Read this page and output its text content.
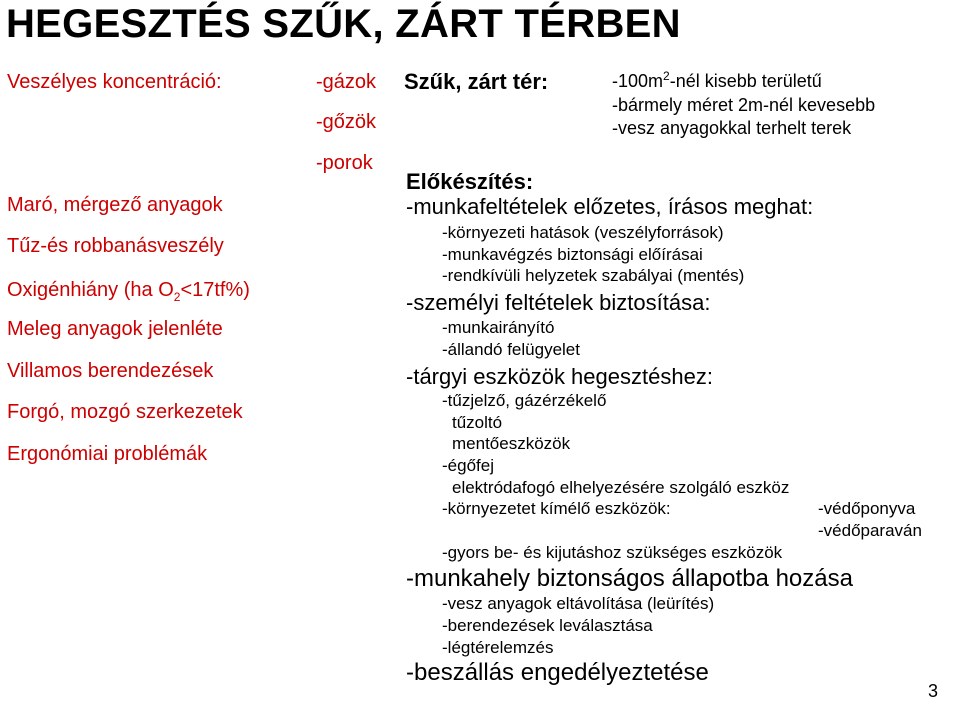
HEGESZTÉS SZŰK, ZÁRT TÉRBEN
Veszélyes koncentráció:	-gázok
-gőzök
-porok
Maró, mérgező anyagok
Tűz-és robbanásveszély
Oxigénhiány (ha $O_2<17tf\%$)
Meleg anyagok jelenléte
Villamos berendezések
Forgó, mozgó szerkezetek
Ergonómiai problémák
Szűk, zárt tér:	$-100m^2$-nél kisebb területű
-bármely méret 2m-nél kevesebb
-vesz anyagokkal terhelt terek
Előkészítés:
-munkafeltételek előzetes, írásos meghat:
-környezeti hatások (veszélyforrások)
-munkavégzés biztonsági előírásai
-rendkívüli helyzetek szabályai (mentés)
-személyi feltételek biztosítása:
-munkairányító
-állandó felügyelet
-tárgyi eszközök hegesztéshez:
-tűzjelző, gázérzékelő
tűzoltó
mentőeszközök
-égőfej
elektródafogó elhelyezésére szolgáló eszköz
-környezetet kímélő eszközök:	-védőponyva
-védőparaván
-gyors be- és kijutáshoz szükséges eszközök
-munkahely biztonságos állapotba hozása
-vesz anyagok eltávolítása (leürítés)
-berendezések leválasztása
-légtérelemzés
-beszállás engedélyeztetése
3
